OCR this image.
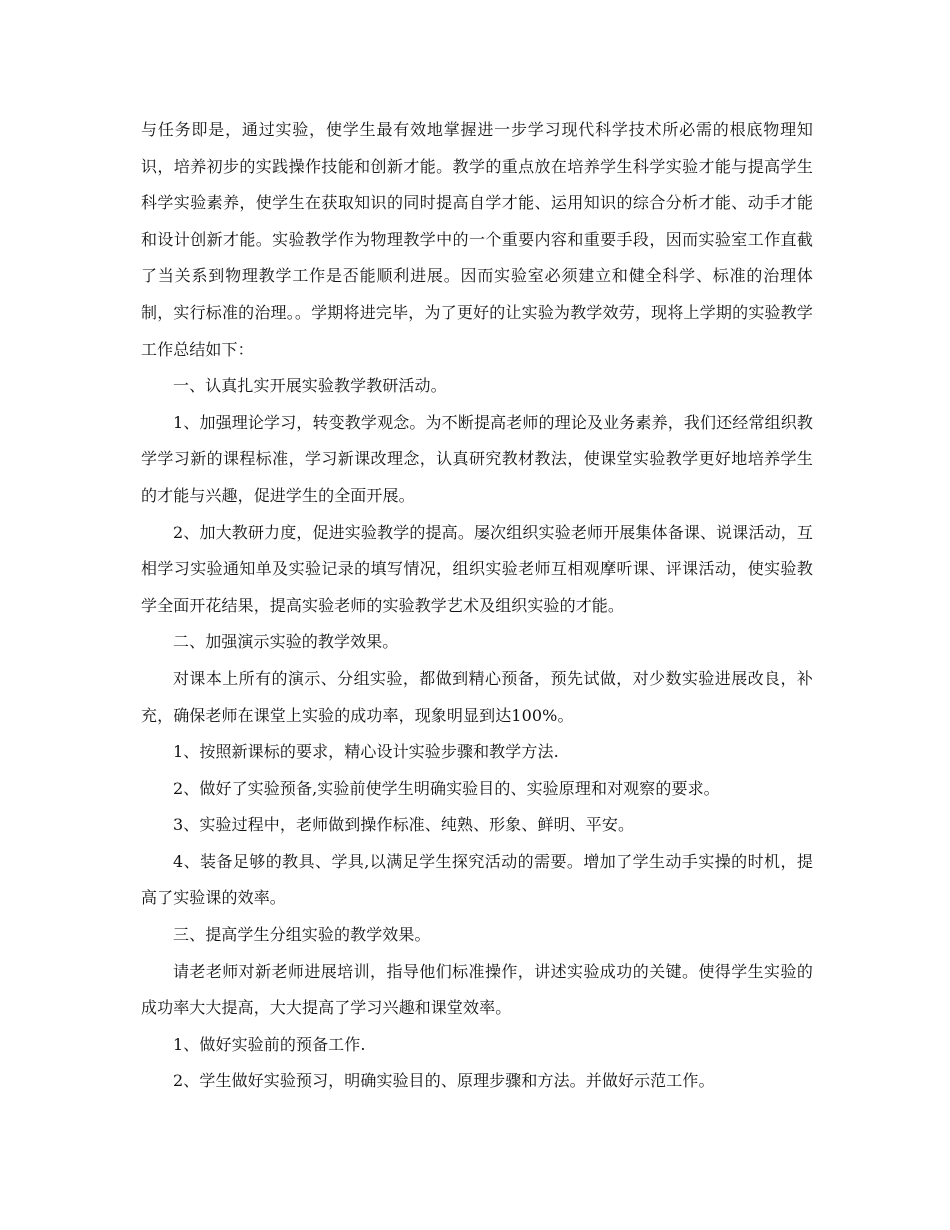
与任务即是，通过实验，使学生最有效地掌握进一步学习现代科学技术所必需的根底物理知识，培养初步的实践操作技能和创新才能。教学的重点放在培养学生科学实验才能与提高学生科学实验素养，使学生在获取知识的同时提高自学才能、运用知识的综合分析才能、动手才能和设计创新才能。实验教学作为物理教学中的一个重要内容和重要手段，因而实验室工作直截了当关系到物理教学工作是否能顺利进展。因而实验室必须建立和健全科学、标准的治理体制，实行标准的治理。。学期将进完毕，为了更好的让实验为教学效劳，现将上学期的实验教学工作总结如下：

一、认真扎实开展实验教学教研活动。

1、加强理论学习，转变教学观念。为不断提高老师的理论及业务素养，我们还经常组织教学学习新的课程标准，学习新课改理念，认真研究教材教法，使课堂实验教学更好地培养学生的才能与兴趣，促进学生的全面开展。

2、加大教研力度，促进实验教学的提高。屡次组织实验老师开展集体备课、说课活动，互相学习实验通知单及实验记录的填写情况，组织实验老师互相观摩听课、评课活动，使实验教学全面开花结果，提高实验老师的实验教学艺术及组织实验的才能。

二、加强演示实验的教学效果。

对课本上所有的演示、分组实验，都做到精心预备，预先试做，对少数实验进展改良，补充，确保老师在课堂上实验的成功率，现象明显到达100%。

1、按照新课标的要求，精心设计实验步骤和教学方法.

2、做好了实验预备,实验前使学生明确实验目的、实验原理和对观察的要求。

3、实验过程中，老师做到操作标准、纯熟、形象、鲜明、平安。

4、装备足够的教具、学具,以满足学生探究活动的需要。增加了学生动手实操的时机，提高了实验课的效率。

三、提高学生分组实验的教学效果。

请老老师对新老师进展培训，指导他们标准操作，讲述实验成功的关键。使得学生实验的成功率大大提高，大大提高了学习兴趣和课堂效率。

1、做好实验前的预备工作.

2、学生做好实验预习，明确实验目的、原理步骤和方法。并做好示范工作。
